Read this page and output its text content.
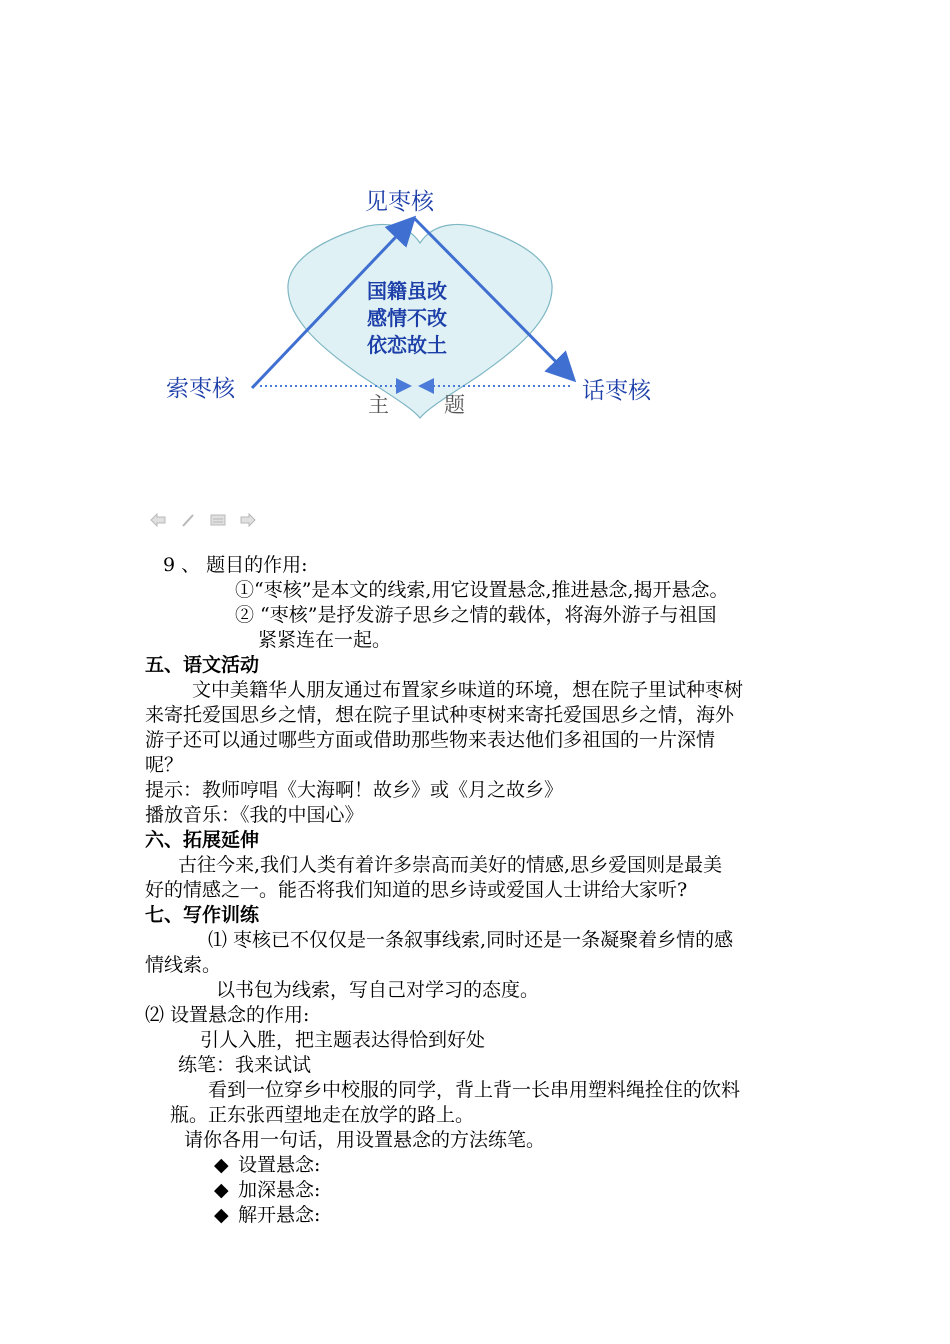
见枣核
索枣核	话枣核
国籍虽改
感情不改
依恋故土
主	题
9 、 题目的作用:
①“枣核”是本文的线索,用它设置悬念,推进悬念,揭开悬念。
② “枣核”是抒发游子思乡之情的载体，将海外游子与祖国
紧紧连在一起。
五、语文活动
文中美籍华人朋友通过布置家乡味道的环境，想在院子里试种枣树
来寄托爱国思乡之情，想在院子里试种枣树来寄托爱国思乡之情，海外
游子还可以通过哪些方面或借助那些物来表达他们多祖国的一片深情
呢？
提示：教师哼唱《大海啊！故乡》或《月之故乡》
播放音乐：《我的中国心》
六、拓展延伸
古往今来,我们人类有着许多崇高而美好的情感,思乡爱国则是最美
好的情感之一。能否将我们知道的思乡诗或爱国人士讲给大家听?
七、写作训练
⑴ 枣核已不仅仅是一条叙事线索,同时还是一条凝聚着乡情的感
情线索。
以书包为线索，写自己对学习的态度。
⑵ 设置悬念的作用:
引人入胜，把主题表达得恰到好处
练笔：我来试试
看到一位穿乡中校服的同学，背上背一长串用塑料绳拴住的饮料
瓶。正东张西望地走在放学的路上。
请你各用一句话，用设置悬念的方法练笔。
◆ 设置悬念:
◆ 加深悬念:
◆ 解开悬念:
